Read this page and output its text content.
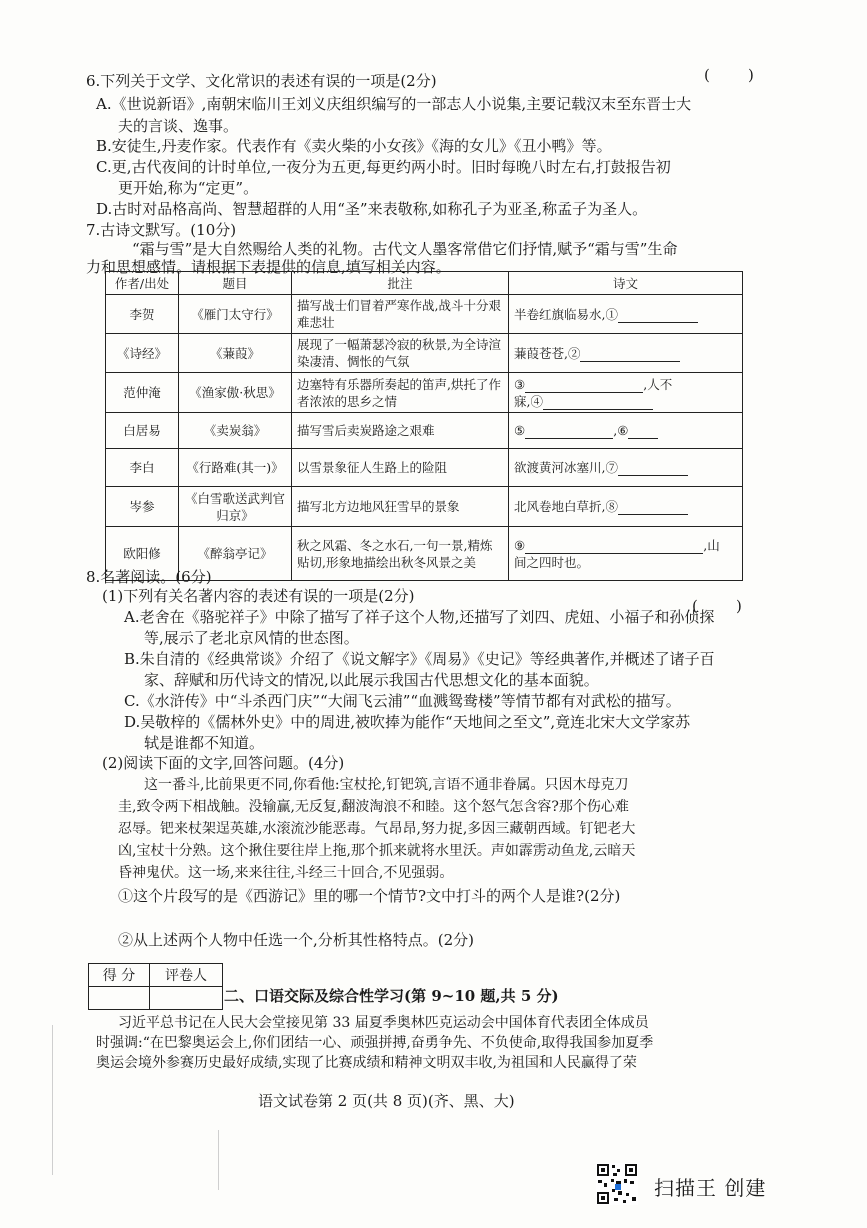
6.下列关于文学、文化常识的表述有误的一项是(2分)	(        )
A.《世说新语》,南朝宋临川王刘义庆组织编写的一部志人小说集,主要记载汉末至东晋士大
夫的言谈、逸事。
B.安徒生,丹麦作家。代表作有《卖火柴的小女孩》《海的女儿》《丑小鸭》等。
C.更,古代夜间的计时单位,一夜分为五更,每更约两小时。旧时每晚八时左右,打鼓报告初
更开始,称为“定更”。
D.古时对品格高尚、智慧超群的人用“圣”来表敬称,如称孔子为亚圣,称孟子为圣人。
7.古诗文默写。(10分)
“霜与雪”是大自然赐给人类的礼物。古代文人墨客常借它们抒情,赋予“霜与雪”生命
力和思想感情。请根据下表提供的信息,填写相关内容。
作者/出处	题目	批注	诗文
李贺	《雁门太守行》	描写战士们冒着严寒作战,战斗十分艰难悲壮	半卷红旗临易水,①
《诗经》	《蒹葭》	展现了一幅萧瑟冷寂的秋景,为全诗渲染凄清、惆怅的气氛	蒹葭苍苍,②
范仲淹	《渔家傲·秋思》	边塞特有乐器所奏起的笛声,烘托了作者浓浓的思乡之情	③ ,人不
寐,④
白居易	《卖炭翁》	描写雪后卖炭路途之艰难	⑤ ,⑥
李白	《行路难(其一)》	以雪景象征人生路上的险阻	欲渡黄河冰塞川,⑦
岑参	《白雪歌送武判官归京》	描写北方边地风狂雪早的景象	北风卷地白草折,⑧
欧阳修	《醉翁亭记》	秋之风霜、冬之水石,一句一景,精炼贴切,形象地描绘出秋冬风景之美	⑨ ,山
间之四时也。
8.名著阅读。(6分)
(1)下列有关名著内容的表述有误的一项是(2分)
(        )
A.老舍在《骆驼祥子》中除了描写了祥子这个人物,还描写了刘四、虎妞、小福子和孙侦探
等,展示了老北京风情的世态图。
B.朱自清的《经典常谈》介绍了《说文解字》《周易》《史记》等经典著作,并概述了诸子百
家、辞赋和历代诗文的情况,以此展示我国古代思想文化的基本面貌。
C.《水浒传》中“斗杀西门庆”“大闹飞云浦”“血溅鸳鸯楼”等情节都有对武松的描写。
D.吴敬梓的《儒林外史》中的周进,被吹捧为能作“天地间之至文”,竟连北宋大文学家苏
轼是谁都不知道。
(2)阅读下面的文字,回答问题。(4分)
这一番斗,比前果更不同,你看他:宝杖抡,钉钯筑,言语不通非眷属。只因木母克刀
圭,致令两下相战触。没输赢,无反复,翻波淘浪不和睦。这个怒气怎含容?那个伤心难
忍辱。钯来杖架逞英雄,水滚流沙能恶毒。气昂昂,努力捉,多因三藏朝西域。钉钯老大
凶,宝杖十分熟。这个揪住要往岸上拖,那个抓来就将水里沃。声如霹雳动鱼龙,云暗天
昏神鬼伏。这一场,来来往往,斗经三十回合,不见强弱。
①这个片段写的是《西游记》里的哪一个情节?文中打斗的两个人是谁?(2分)
②从上述两个人物中任选一个,分析其性格特点。(2分)
得 分	评卷人

二、口语交际及综合性学习(第 9~10 题,共 5 分)
习近平总书记在人民大会堂接见第 33 届夏季奥林匹克运动会中国体育代表团全体成员
时强调:“在巴黎奥运会上,你们团结一心、顽强拼搏,奋勇争先、不负使命,取得我国参加夏季
奥运会境外参赛历史最好成绩,实现了比赛成绩和精神文明双丰收,为祖国和人民赢得了荣
语文试卷第 2 页(共 8 页)(齐、黑、大)
扫描王 创建
